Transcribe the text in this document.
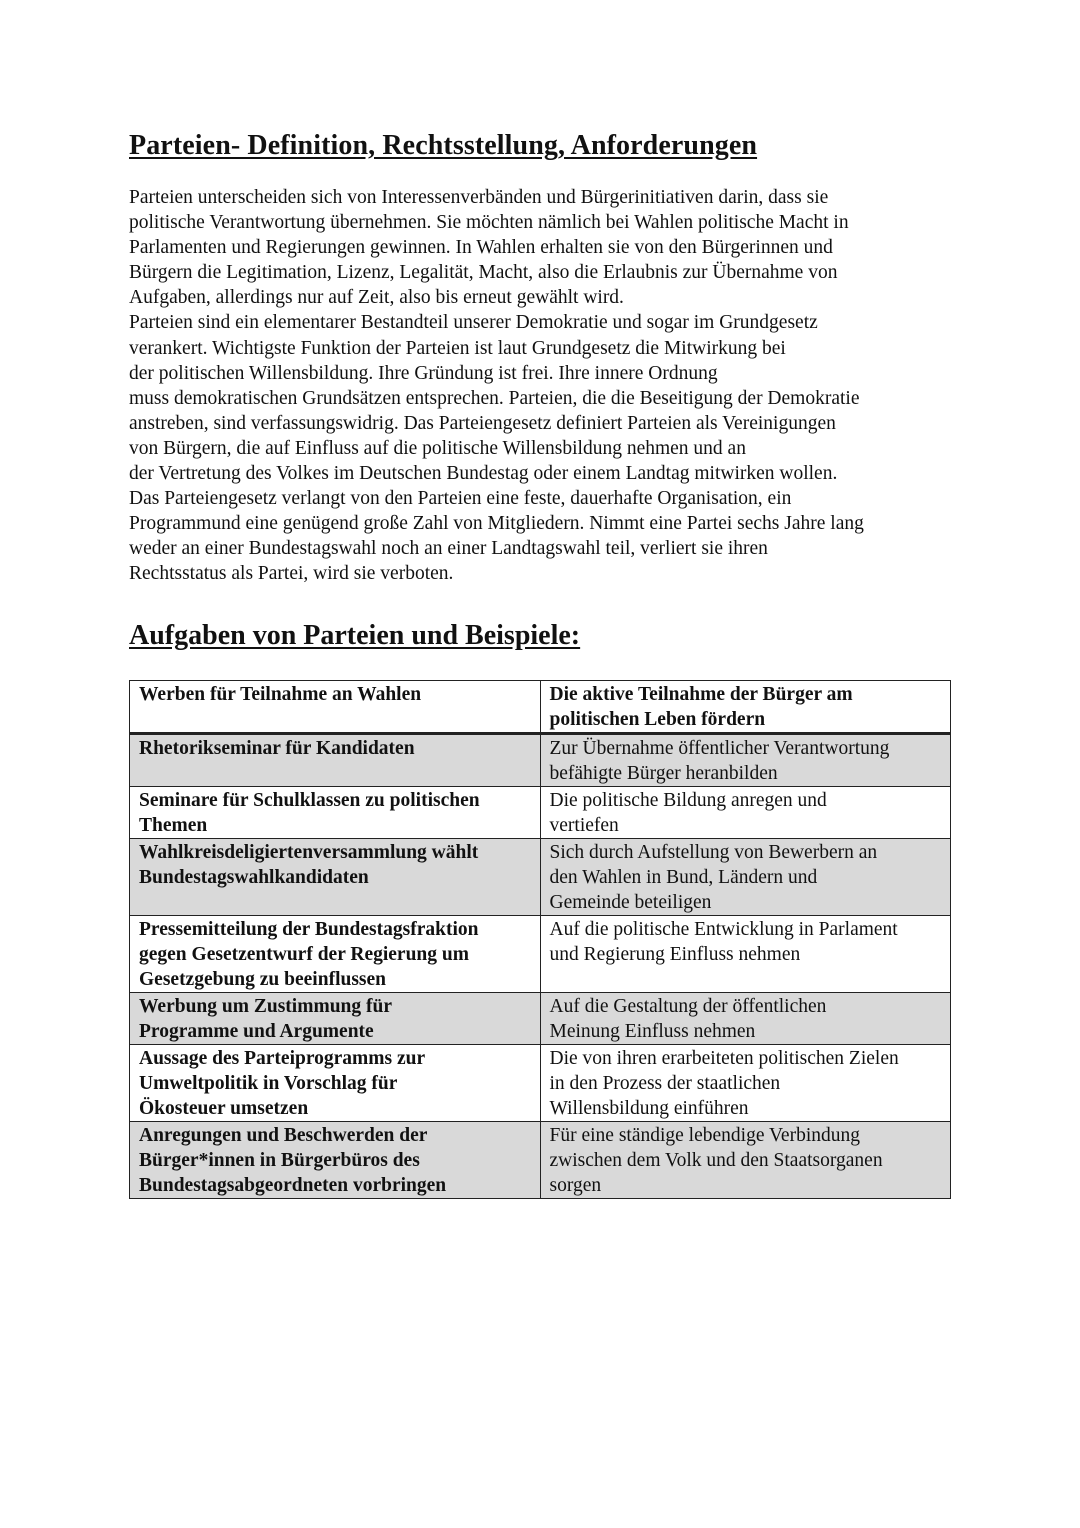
Parteien- Definition, Rechtsstellung, Anforderungen
Parteien unterscheiden sich von Interessenverbänden und Bürgerinitiativen darin, dass sie
politische Verantwortung übernehmen. Sie möchten nämlich bei Wahlen politische Macht in
Parlamenten und Regierungen gewinnen. In Wahlen erhalten sie von den Bürgerinnen und
Bürgern die Legitimation, Lizenz, Legalität, Macht, also die Erlaubnis zur Übernahme von
Aufgaben, allerdings nur auf Zeit, also bis erneut gewählt wird.
Parteien sind ein elementarer Bestandteil unserer Demokratie und sogar im Grundgesetz
verankert. Wichtigste Funktion der Parteien ist laut Grundgesetz die Mitwirkung bei
der politischen Willensbildung. Ihre Gründung ist frei. Ihre innere Ordnung
muss demokratischen Grundsätzen entsprechen. Parteien, die die Beseitigung der Demokratie
anstreben, sind verfassungswidrig. Das Parteiengesetz definiert Parteien als Vereinigungen
von Bürgern, die auf Einfluss auf die politische Willensbildung nehmen und an
der Vertretung des Volkes im Deutschen Bundestag oder einem Landtag mitwirken wollen.
Das Parteiengesetz verlangt von den Parteien eine feste, dauerhafte Organisation, ein
Programmund eine genügend große Zahl von Mitgliedern. Nimmt eine Partei sechs Jahre lang
weder an einer Bundestagswahl noch an einer Landtagswahl teil, verliert sie ihren
Rechtsstatus als Partei, wird sie verboten.
Aufgaben von Parteien und Beispiele:
Werben für Teilnahme an Wahlen	Die aktive Teilnahme der Bürger am
politischen Leben fördern

Rhetorikseminar für Kandidaten	Zur Übernahme öffentlicher Verantwortung
befähigte Bürger heranbilden

Seminare für Schulklassen zu politischen
Themen	Die politische Bildung anregen und
vertiefen

Wahlkreisdeligiertenversammlung wählt
Bundestagswahlkandidaten	Sich durch Aufstellung von Bewerbern an
den Wahlen in Bund, Ländern und
Gemeinde beteiligen

Pressemitteilung der Bundestagsfraktion
gegen Gesetzentwurf der Regierung um
Gesetzgebung zu beeinflussen	Auf die politische Entwicklung in Parlament
und Regierung Einfluss nehmen

Werbung um Zustimmung für
Programme und Argumente	Auf die Gestaltung der öffentlichen
Meinung Einfluss nehmen

Aussage des Parteiprogramms zur
Umweltpolitik in Vorschlag für
Ökosteuer umsetzen	Die von ihren erarbeiteten politischen Zielen
in den Prozess der staatlichen
Willensbildung einführen

Anregungen und Beschwerden der
Bürger*innen in Bürgerbüros des
Bundestagsabgeordneten vorbringen	Für eine ständige lebendige Verbindung
zwischen dem Volk und den Staatsorganen
sorgen
